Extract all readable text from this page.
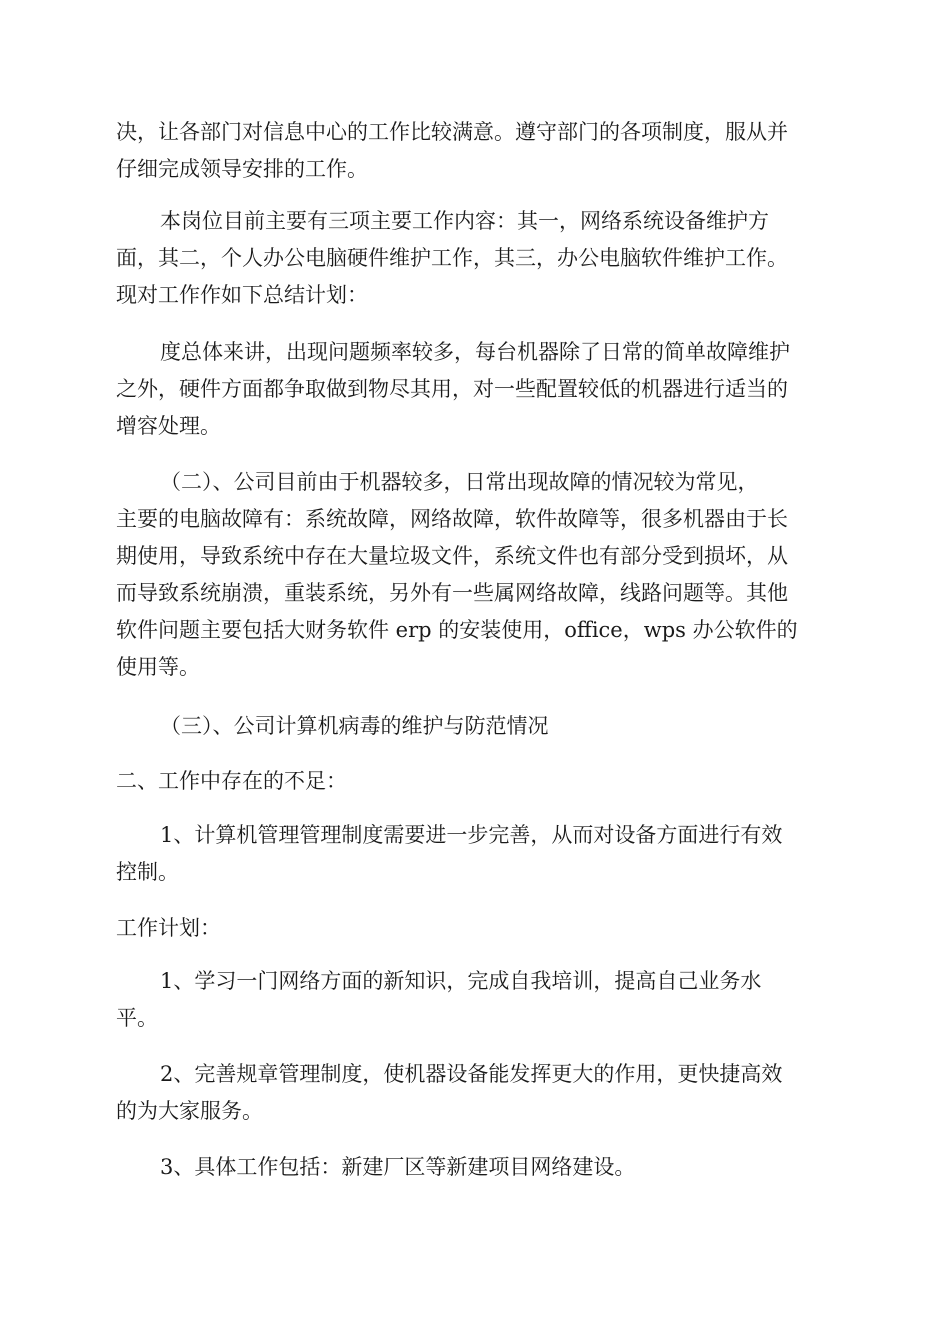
决，让各部门对信息中心的工作比较满意。遵守部门的各项制度，服从并
仔细完成领导安排的工作。
本岗位目前主要有三项主要工作内容：其一，网络系统设备维护方
面，其二，个人办公电脑硬件维护工作，其三，办公电脑软件维护工作。
现对工作作如下总结计划：
度总体来讲，出现问题频率较多，每台机器除了日常的简单故障维护
之外，硬件方面都争取做到物尽其用，对一些配置较低的机器进行适当的
增容处理。
（二）、公司目前由于机器较多，日常出现故障的情况较为常见，
主要的电脑故障有：系统故障，网络故障，软件故障等，很多机器由于长
期使用，导致系统中存在大量垃圾文件，系统文件也有部分受到损坏，从
而导致系统崩溃，重装系统，另外有一些属网络故障，线路问题等。其他
软件问题主要包括大财务软件 erp 的安装使用，office，wps 办公软件的
使用等。
（三）、公司计算机病毒的维护与防范情况
二、工作中存在的不足：
1、计算机管理管理制度需要进一步完善，从而对设备方面进行有效
控制。
工作计划：
1、学习一门网络方面的新知识，完成自我培训，提高自己业务水
平。
2、完善规章管理制度，使机器设备能发挥更大的作用，更快捷高效
的为大家服务。
3、具体工作包括：新建厂区等新建项目网络建设。
